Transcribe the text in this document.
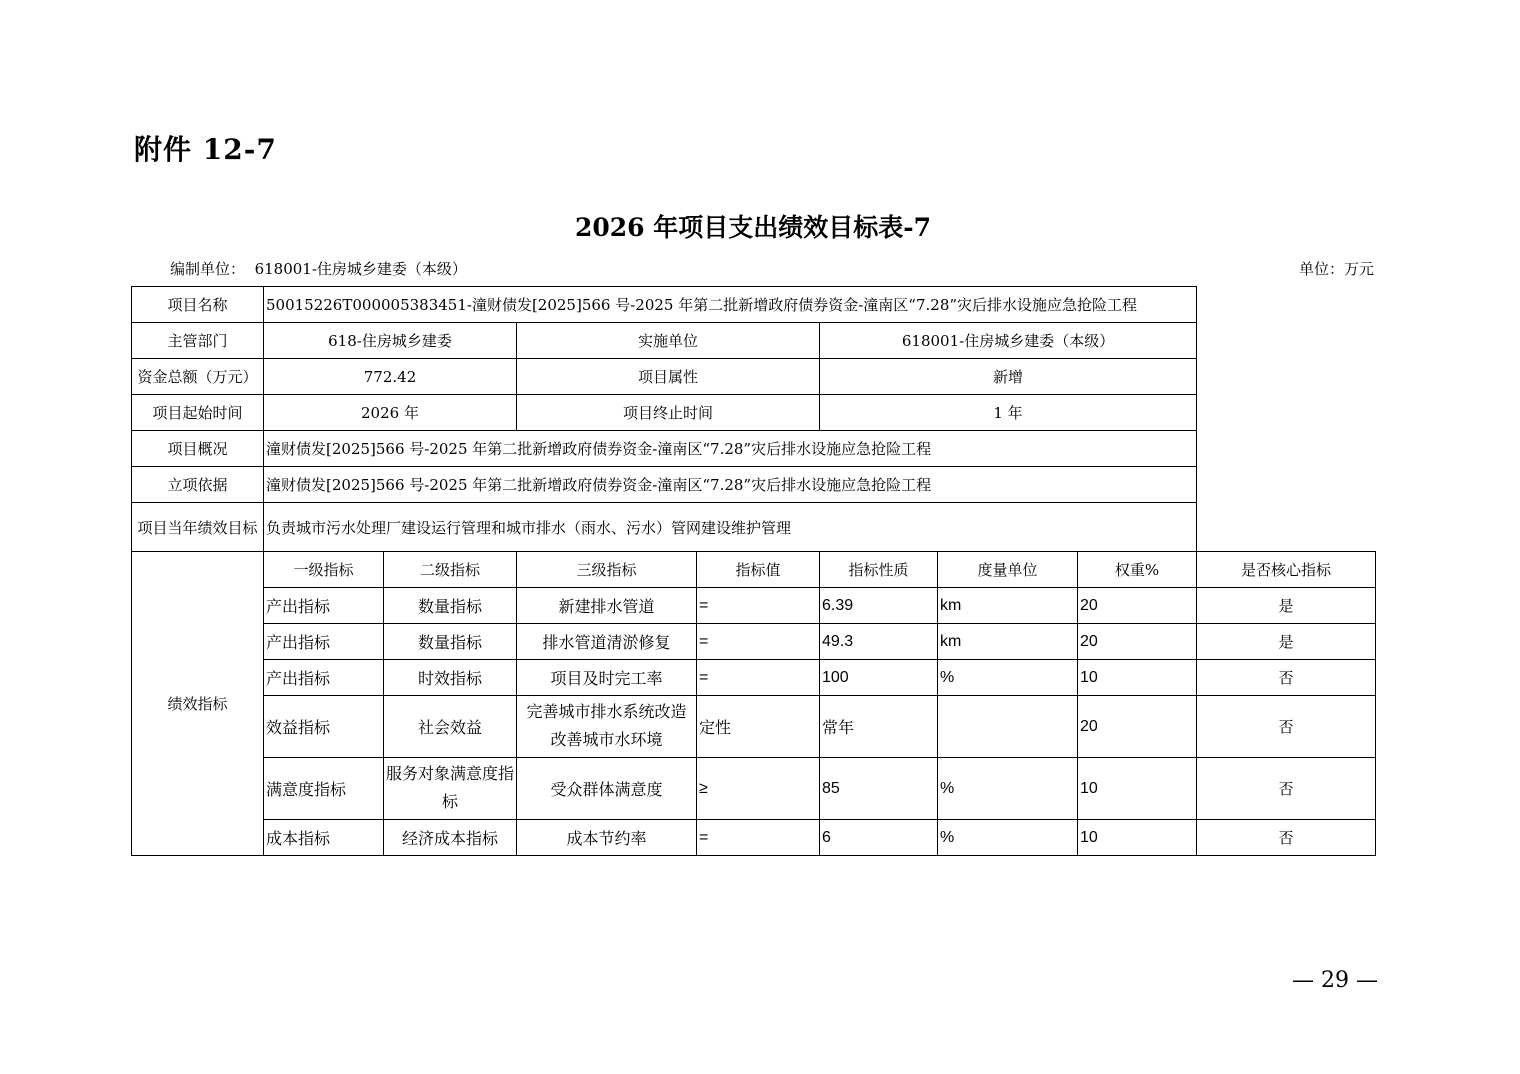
附件 12-7
2026 年项目支出绩效目标表-7
编制单位： 618001-住房城乡建委（本级）	单位：万元
项目名称	50015226T000005383451-潼财债发[2025]566 号-2025 年第二批新增政府债券资金-潼南区“7.28”灾后排水设施应急抢险工程							
主管部门	618-住房城乡建委		实施单位		618001-住房城乡建委（本级）			
资金总额（万元）	772.42		项目属性		新增			
项目起始时间	2026 年		项目终止时间		1 年			
项目概况	潼财债发[2025]566 号-2025 年第二批新增政府债券资金-潼南区“7.28”灾后排水设施应急抢险工程							
立项依据	潼财债发[2025]566 号-2025 年第二批新增政府债券资金-潼南区“7.28”灾后排水设施应急抢险工程							
项目当年绩效目标	负责城市污水处理厂建设运行管理和城市排水（雨水、污水）管网建设维护管理							
绩效指标	一级指标	二级指标	三级指标	指标值	指标性质	度量单位	权重%	是否核心指标
	产出指标	数量指标	新建排水管道	=	6.39	km	20	是
	产出指标	数量指标	排水管道清淤修复	=	49.3	km	20	是
	产出指标	时效指标	项目及时完工率	=	100	%	10	否
	效益指标	社会效益	完善城市排水系统改造改善城市水环境	定性	常年		20	否
	满意度指标	服务对象满意度指标	受众群体满意度	≥	85	%	10	否
	成本指标	经济成本指标	成本节约率	=	6	%	10	否
— 29 —
